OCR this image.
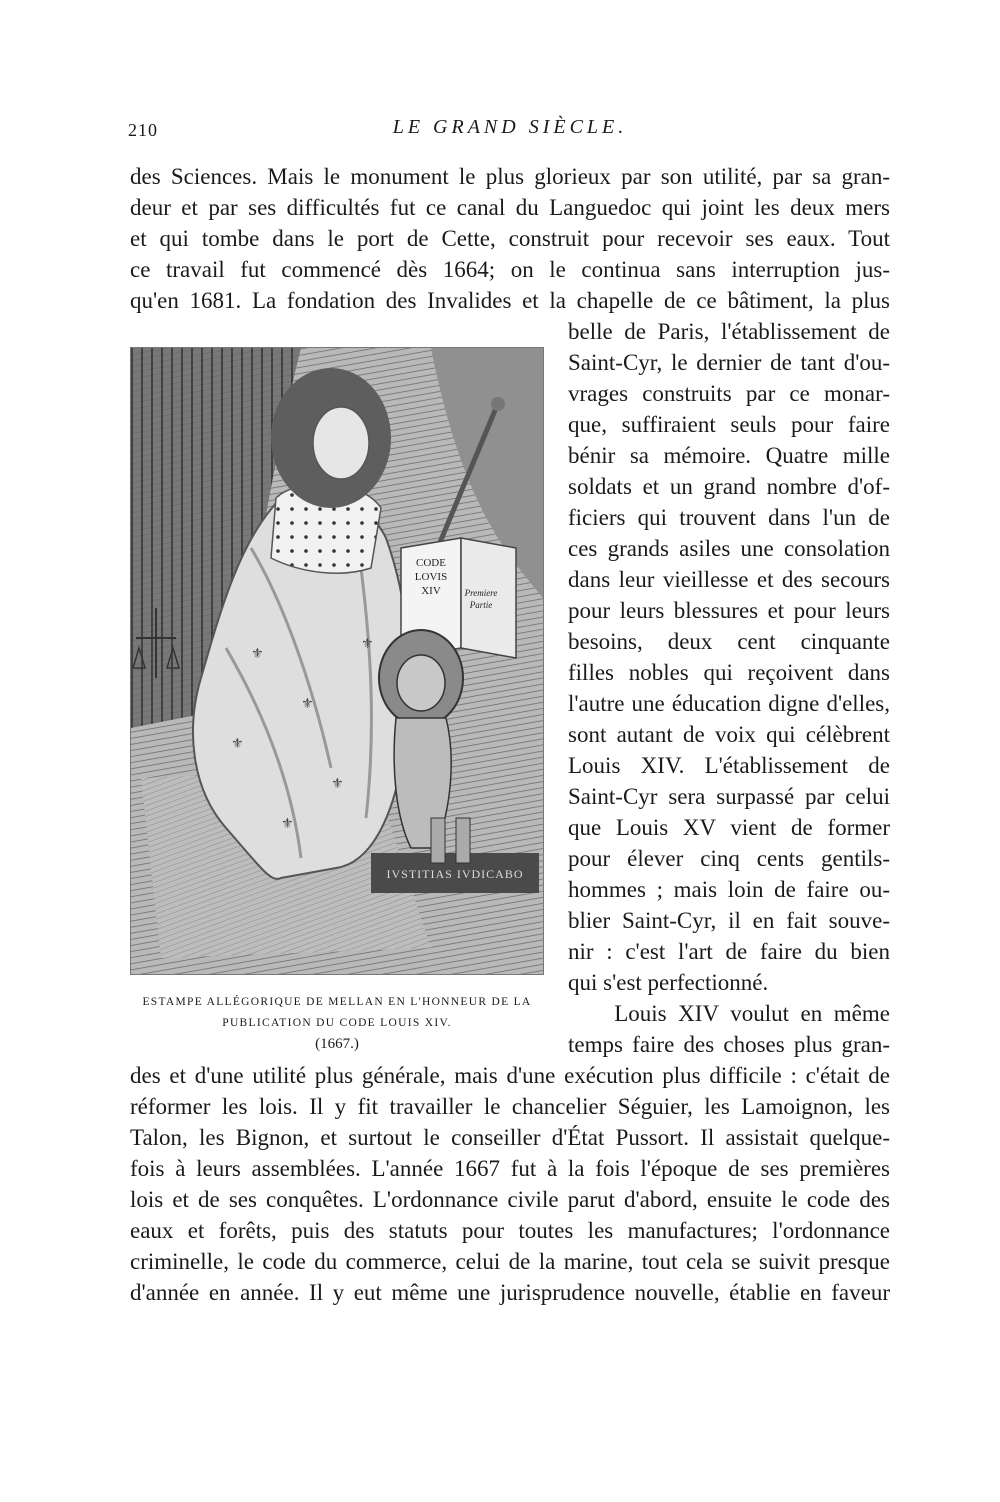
210	LE GRAND SIÈCLE.
des Sciences. Mais le monument le plus glorieux par son utilité, par sa gran-
deur et par ses difficultés fut ce canal du Languedoc qui joint les deux mers
et qui tombe dans le port de Cette, construit pour recevoir ses eaux. Tout
ce travail fut commencé dès 1664; on le continua sans interruption jus-
qu'en 1681. La fondation des Invalides et la chapelle de ce bâtiment, la plus
belle de Paris, l'établissement de
Saint-Cyr, le dernier de tant d'ou-
vrages construits par ce monar-
que, suffiraient seuls pour faire
bénir sa mémoire. Quatre mille
soldats et un grand nombre d'of-
ficiers qui trouvent dans l'un de
ces grands asiles une consolation
dans leur vieillesse et des secours
pour leurs blessures et pour leurs
besoins, deux cent cinquante
filles nobles qui reçoivent dans
l'autre une éducation digne d'elles,
sont autant de voix qui célèbrent
Louis XIV. L'établissement de
Saint-Cyr sera surpassé par celui
que Louis XV vient de former
pour élever cinq cents gentils-
hommes ; mais loin de faire ou-
blier Saint-Cyr, il en fait souve-
nir : c'est l'art de faire du bien
qui s'est perfectionné.
Louis XIV voulut en même
temps faire des choses plus gran-
des et d'une utilité plus générale, mais d'une exécution plus difficile : c'était de
réformer les lois. Il y fit travailler le chancelier Séguier, les Lamoignon, les
Talon, les Bignon, et surtout le conseiller d'État Pussort. Il assistait quelque-
fois à leurs assemblées. L'année 1667 fut à la fois l'époque de ses premières
lois et de ses conquêtes. L'ordonnance civile parut d'abord, ensuite le code des
eaux et forêts, puis des statuts pour toutes les manufactures; l'ordonnance
criminelle, le code du commerce, celui de la marine, tout cela se suivit presque
d'année en année. Il y eut même une jurisprudence nouvelle, établie en faveur
IVSTITIAS IVDICABO
CODE
LOVIS
XIV	Premiere
Partie
⚜
⚜
⚜
⚜
⚜
⚜
ESTAMPE ALLÉGORIQUE DE MELLAN EN L'HONNEUR DE LA
PUBLICATION DU CODE LOUIS XIV.
(1667.)
